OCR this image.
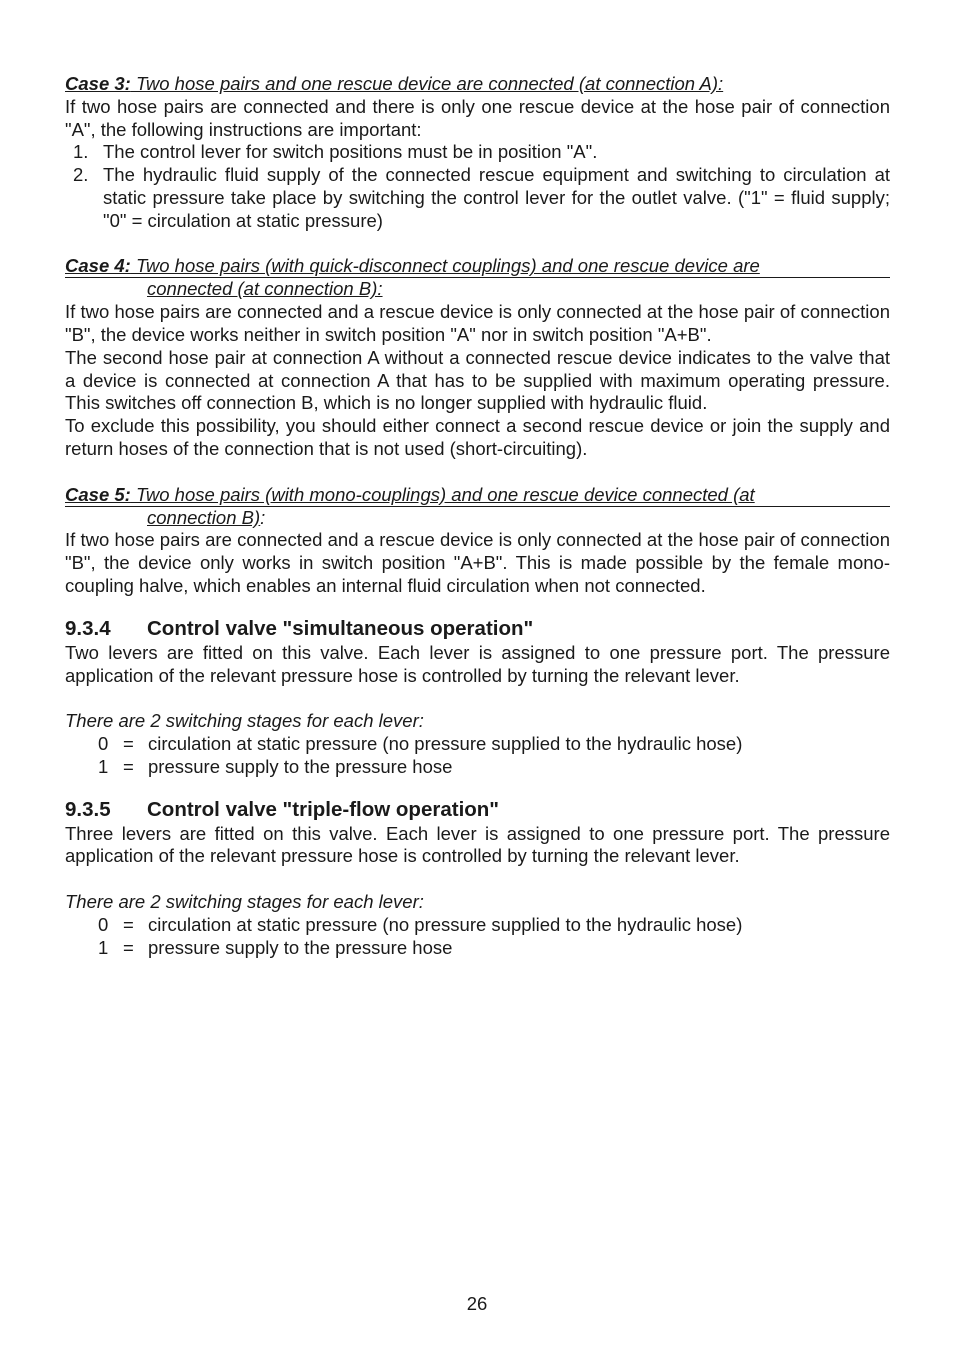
Case 3: Two hose pairs and one rescue device are connected (at connection A):

If two hose pairs are connected and there is only one rescue device at the hose pair of connection "A", the following instructions are important:

1. The control lever for switch positions must be in position "A".
2. The hydraulic fluid supply of the connected rescue equipment and switching to circulation at static pressure take place by switching the control lever for the outlet valve. ("1" = fluid supply; "0" = circulation at static pressure)
Case 4: Two hose pairs (with quick-disconnect couplings) and one rescue device are
connected (at connection B):

If two hose pairs are connected and a rescue device is only connected at the hose pair of connection "B", the device works neither in switch position "A" nor in switch position "A+B".

The second hose pair at connection A without a connected rescue device indicates to the valve that a device is connected at connection A that has to be supplied with maximum operating pressure. This switches off connection B, which is no longer supplied with hydraulic fluid.

To exclude this possibility, you should either connect a second rescue device or join the supply and return hoses of the connection that is not used (short-circuiting).

Case 5: Two hose pairs (with mono-couplings) and one rescue device connected (at
connection B):

If two hose pairs are connected and a rescue device is only connected at the hose pair of connection "B", the device only works in switch position "A+B". This is made possible by the female mono-coupling halve, which enables an internal fluid circulation when not connected.

9.3.4 Control valve "simultaneous operation"

Two levers are fitted on this valve. Each lever is assigned to one pressure port. The pressure application of the relevant pressure hose is controlled by turning the relevant lever.

There are 2 switching stages for each lever:
0 = circulation at static pressure (no pressure supplied to the hydraulic hose)
1 = pressure supply to the pressure hose
9.3.5 Control valve "triple-flow operation"

Three levers are fitted on this valve. Each lever is assigned to one pressure port. The pressure application of the relevant pressure hose is controlled by turning the relevant lever.

There are 2 switching stages for each lever:
0 = circulation at static pressure (no pressure supplied to the hydraulic hose)
1 = pressure supply to the pressure hose
26
